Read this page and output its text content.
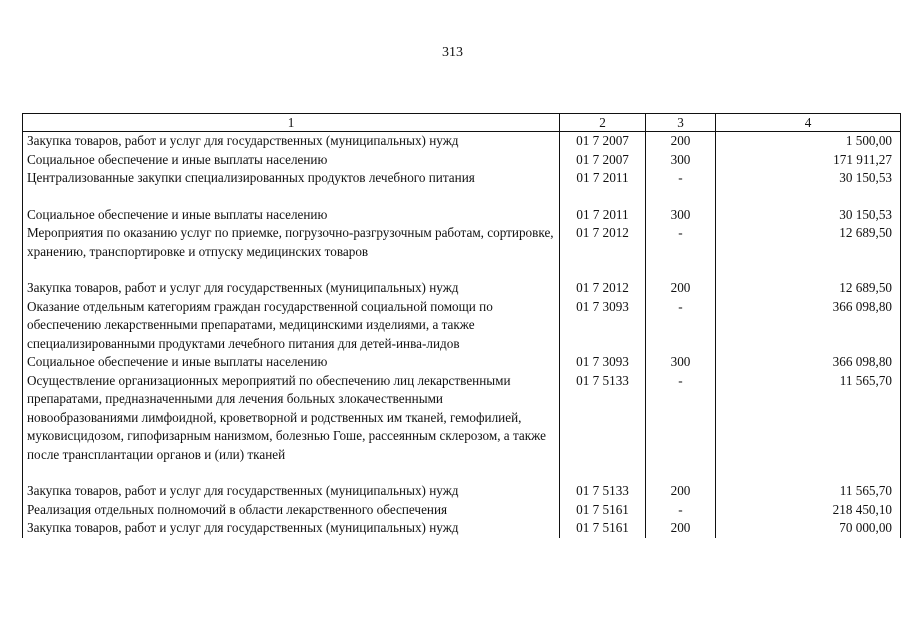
313
1	2	3	4
Закупка товаров, работ и услуг для государственных (муниципальных) нужд	01 7 2007	200	1 500,00
Социальное обеспечение и иные выплаты населению	01 7 2007	300	171 911,27
Централизованные закупки специализированных продуктов лечебного питания	01 7 2011	-	30 150,53
Социальное обеспечение и иные выплаты населению	01 7 2011	300	30 150,53
Мероприятия по оказанию услуг по приемке, погрузочно-разгрузочным работам, сортировке, хранению, транспортировке и отпуску медицинских товаров	01 7 2012	-	12 689,50
Закупка товаров, работ и услуг для государственных (муниципальных) нужд	01 7 2012	200	12 689,50
Оказание отдельным категориям граждан государственной социальной помощи по обеспечению лекарственными препаратами, медицинскими изделиями, а также специализированными продуктами лечебного питания для детей-инва-лидов	01 7 3093	-	366 098,80
Социальное обеспечение и иные выплаты населению	01 7 3093	300	366 098,80
Осуществление организационных мероприятий по обеспечению лиц лекарственными препаратами, предназначенными для лечения больных злокачественными новообразованиями лимфоидной, кроветворной и родственных им тканей, гемофилией, муковисцидозом, гипофизарным нанизмом, болезнью Гоше, рассеянным склерозом, а также после трансплантации органов и (или) тканей	01 7 5133	-	11 565,70
Закупка товаров, работ и услуг для государственных (муниципальных) нужд	01 7 5133	200	11 565,70
Реализация отдельных полномочий в области лекарственного обеспечения	01 7 5161	-	218 450,10
Закупка товаров, работ и услуг для государственных (муниципальных) нужд	01 7 5161	200	70 000,00
